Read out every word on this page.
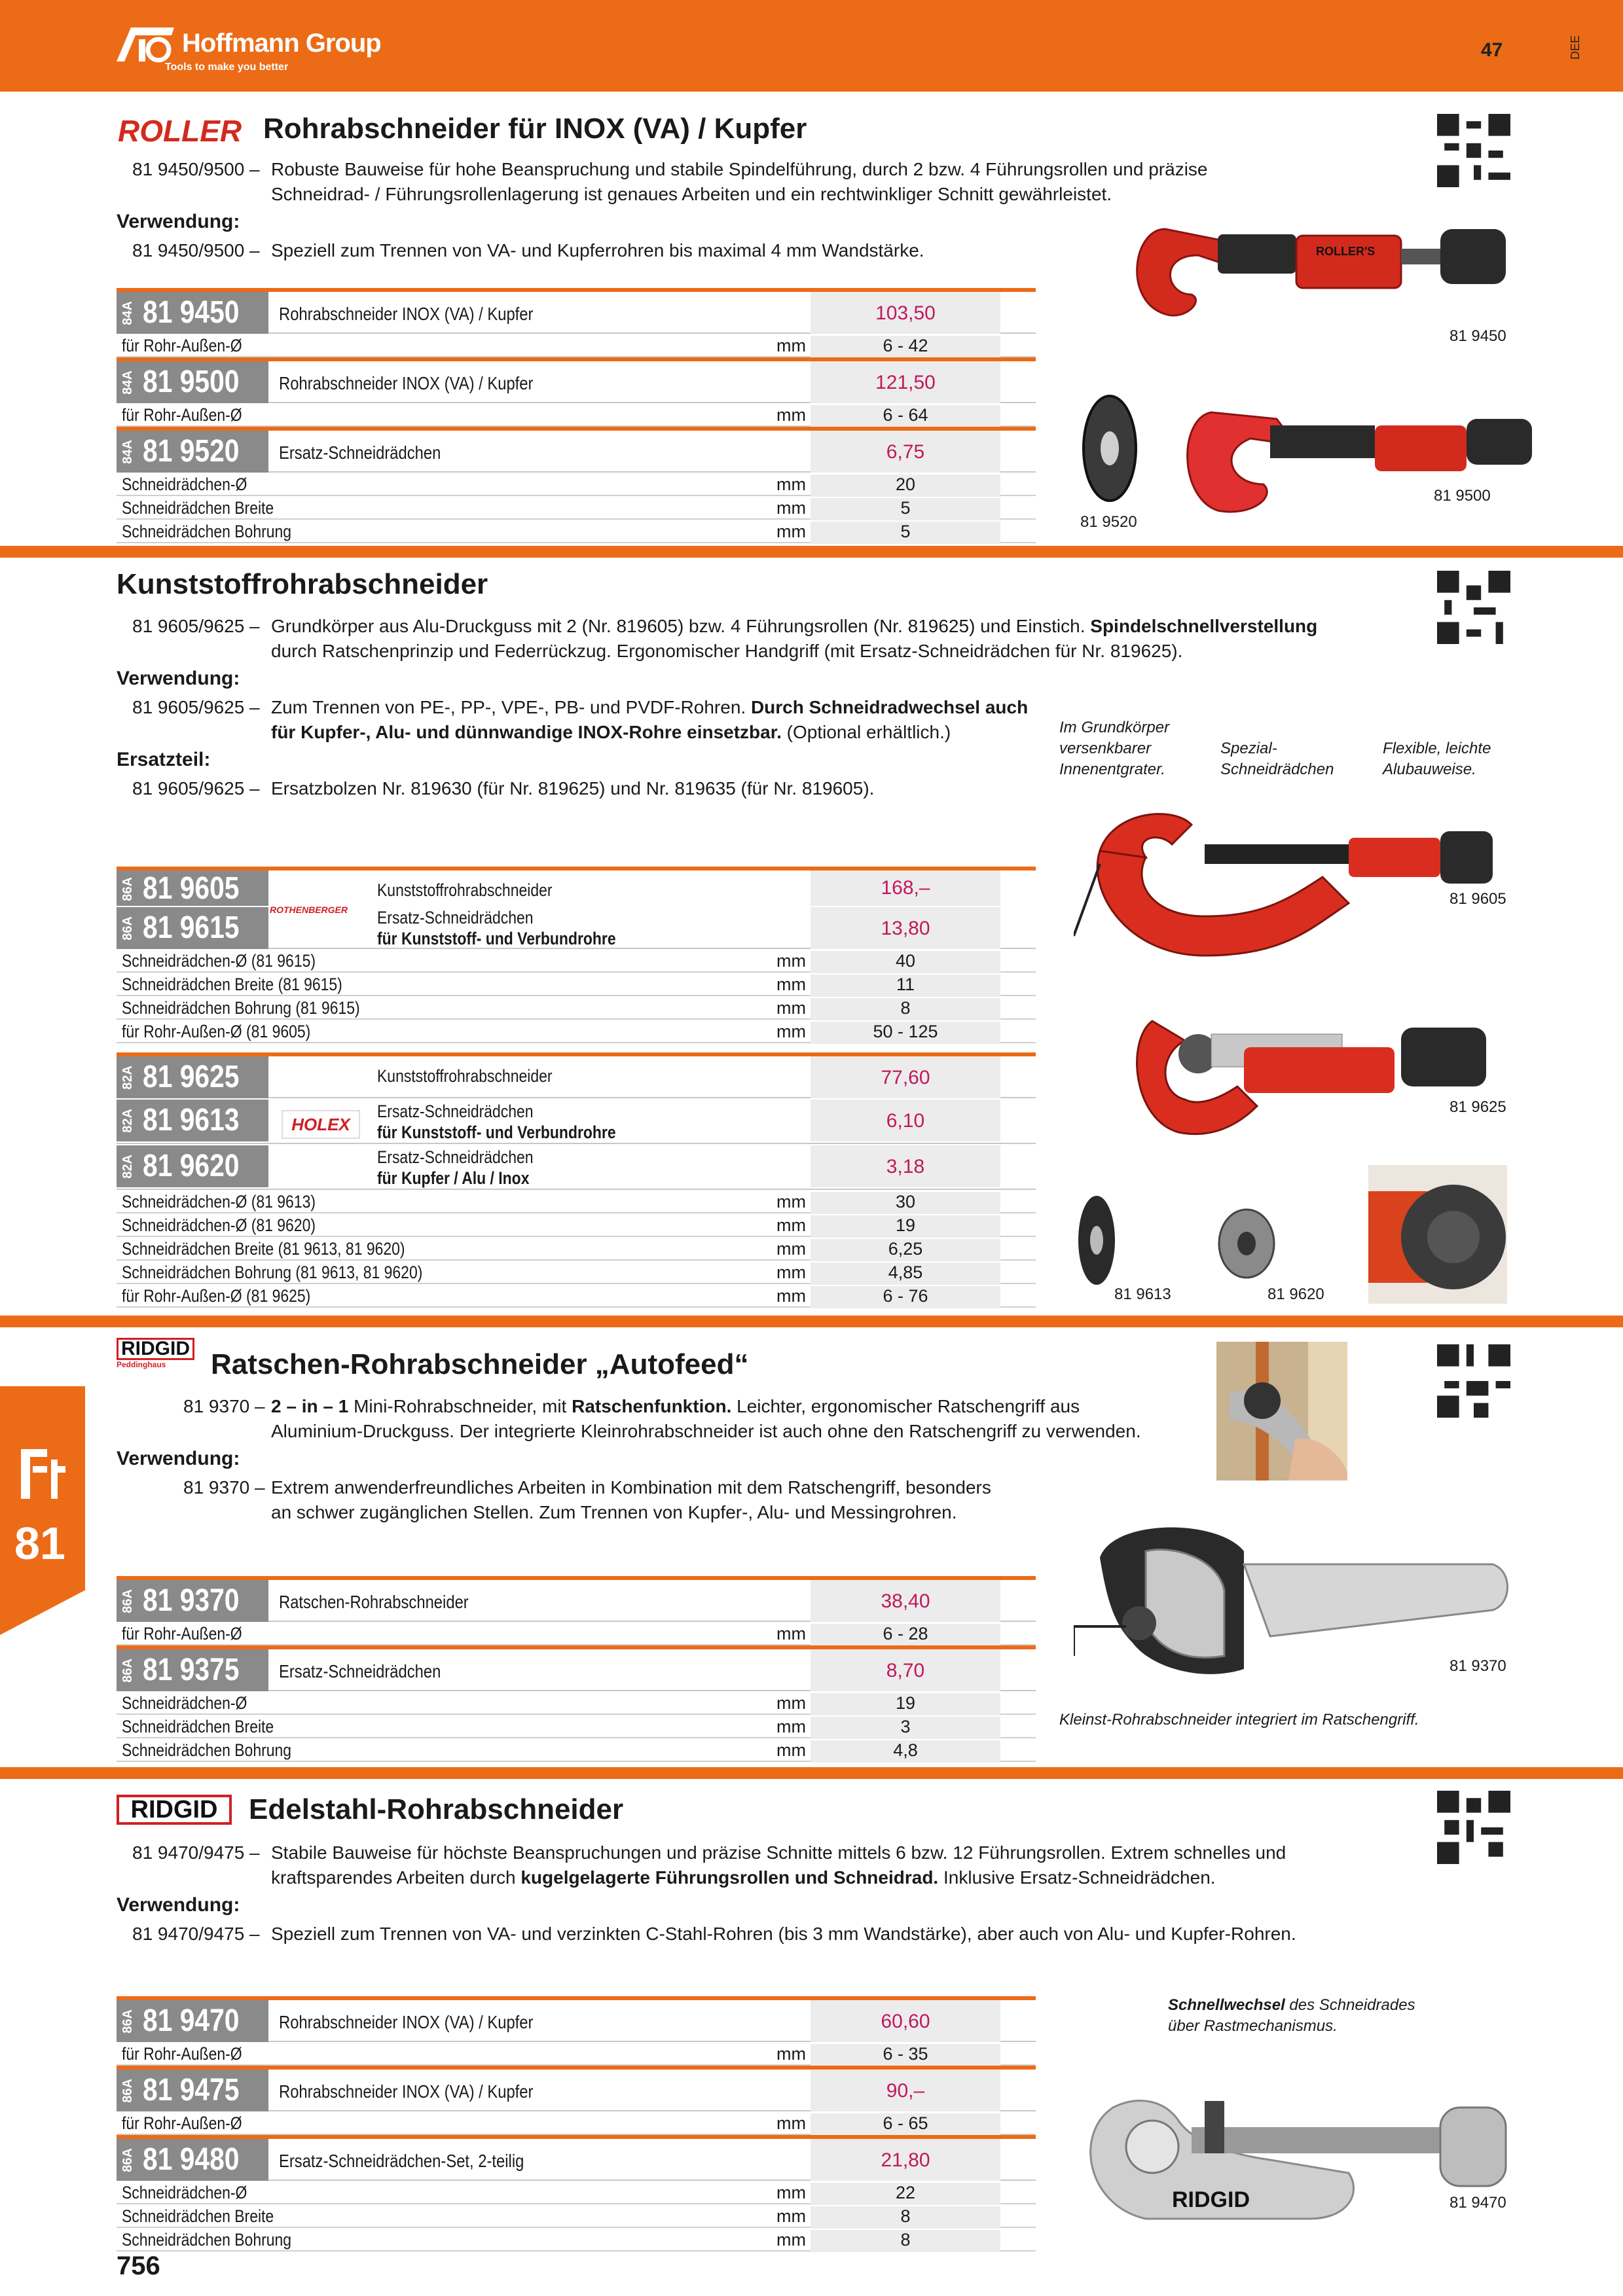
Hoffmann Group
Tools to make you better
47	DEE
81
ROLLER Rohrabschneider für INOX (VA) / Kupfer
81 9450/9500 – Robuste Bauweise für hohe Beanspruchung und stabile Spindelführung, durch 2 bzw. 4 Führungsrollen und präzise
Schneidrad- / Führungsrollenlagerung ist genaues Arbeiten und ein rechtwinkliger Schnitt gewährleistet.
Verwendung:
81 9450/9500 – Speziell zum Trennen von VA- und Kupferrohren bis maximal 4 mm Wandstärke.
84A 81 9450 Rohrabschneider INOX (VA) / Kupfer	103,50
für Rohr-Außen-Ø	mm	6 - 42
84A 81 9500 Rohrabschneider INOX (VA) / Kupfer	121,50
für Rohr-Außen-Ø	mm	6 - 64
84A 81 9520 Ersatz-Schneidrädchen	6,75
Schneidrädchen-Ø	mm	20
Schneidrädchen Breite	mm	5
Schneidrädchen Bohrung	mm	5
ROLLER'S
81 9450
81 9520
81 9500
Kunststoffrohrabschneider
81 9605/9625 – Grundkörper aus Alu-Druckguss mit 2 (Nr. 819605) bzw. 4 Führungsrollen (Nr. 819625) und Einstich. Spindelschnellverstellung
durch Ratschenprinzip und Federrückzug. Ergonomischer Handgriff (mit Ersatz-Schneidrädchen für Nr. 819625).
Verwendung:
81 9605/9625 – Zum Trennen von PE-, PP-, VPE-, PB- und PVDF-Rohren. Durch Schneidradwechsel auch
für Kupfer-, Alu- und dünnwandige INOX-Rohre einsetzbar. (Optional erhältlich.)
Ersatzteil:
81 9605/9625 – Ersatzbolzen Nr. 819630 (für Nr. 819625) und Nr. 819635 (für Nr. 819605).
Im Grundkörper
versenkbarer
Innenentgrater.
Spezial-
Schneidrädchen
Flexible, leichte
Alubauweise.
86A 81 9605	Kunststoffrohrabschneider	168,–
86A 81 9615	Ersatz-Schneidrädchen
für Kunststoff- und Verbundrohre	13,80
Schneidrädchen-Ø (81 9615)	mm	40
Schneidrädchen Breite (81 9615)	mm	11
Schneidrädchen Bohrung (81 9615)	mm	8
für Rohr-Außen-Ø (81 9605)	mm	50 - 125
82A 81 9625	Kunststoffrohrabschneider	77,60
82A 81 9613	Ersatz-Schneidrädchen
für Kunststoff- und Verbundrohre
6,10
82A 81 9620	Ersatz-Schneidrädchen
für Kupfer / Alu / Inox
3,18
Schneidrädchen-Ø (81 9613)	mm	30
Schneidrädchen-Ø (81 9620)	mm	19
Schneidrädchen Breite (81 9613, 81 9620)	mm	6,25
Schneidrädchen Bohrung (81 9613, 81 9620)	mm	4,85
für Rohr-Außen-Ø (81 9625)	mm	6 - 76
ROTHENBERGER
HOLEX
81 9605
81 9625
81 9613	81 9620
RIDGID
Peddinghaus	Ratschen-Rohrabschneider „Autofeed“
81 9370 – 2 – in – 1 Mini-Rohrabschneider, mit Ratschenfunktion. Leichter, ergonomischer Ratschengriff aus
Aluminium-Druckguss. Der integrierte Kleinrohrabschneider ist auch ohne den Ratschengriff zu verwenden.
Verwendung:
81 9370 – Extrem anwenderfreundliches Arbeiten in Kombination mit dem Ratschengriff, besonders
an schwer zugänglichen Stellen. Zum Trennen von Kupfer-, Alu- und Messingrohren.
86A 81 9370 Ratschen-Rohrabschneider	38,40
für Rohr-Außen-Ø	mm	6 - 28
86A 81 9375 Ersatz-Schneidrädchen	8,70
Schneidrädchen-Ø	mm	19
Schneidrädchen Breite	mm	3
Schneidrädchen Bohrung	mm	4,8
81 9370
Kleinst-Rohrabschneider integriert im Ratschengriff.
RIDGID	Edelstahl-Rohrabschneider
81 9470/9475 – Stabile Bauweise für höchste Beanspruchungen und präzise Schnitte mittels 6 bzw. 12 Führungsrollen. Extrem schnelles und
kraftsparendes Arbeiten durch kugelgelagerte Führungsrollen und Schneidrad. Inklusive Ersatz-Schneidrädchen.
Verwendung:
81 9470/9475 – Speziell zum Trennen von VA- und verzinkten C-Stahl-Rohren (bis 3 mm Wandstärke), aber auch von Alu- und Kupfer-Rohren.
Schnellwechsel des Schneidrades
über Rastmechanismus.
86A 81 9470 Rohrabschneider INOX (VA) / Kupfer	60,60
für Rohr-Außen-Ø	mm	6 - 35
86A 81 9475 Rohrabschneider INOX (VA) / Kupfer	90,–
für Rohr-Außen-Ø	mm	6 - 65
86A 81 9480 Ersatz-Schneidrädchen-Set, 2-teilig	21,80
Schneidrädchen-Ø	mm	22
Schneidrädchen Breite	mm	8
Schneidrädchen Bohrung	mm	8
RIDGID	81 9470
756
